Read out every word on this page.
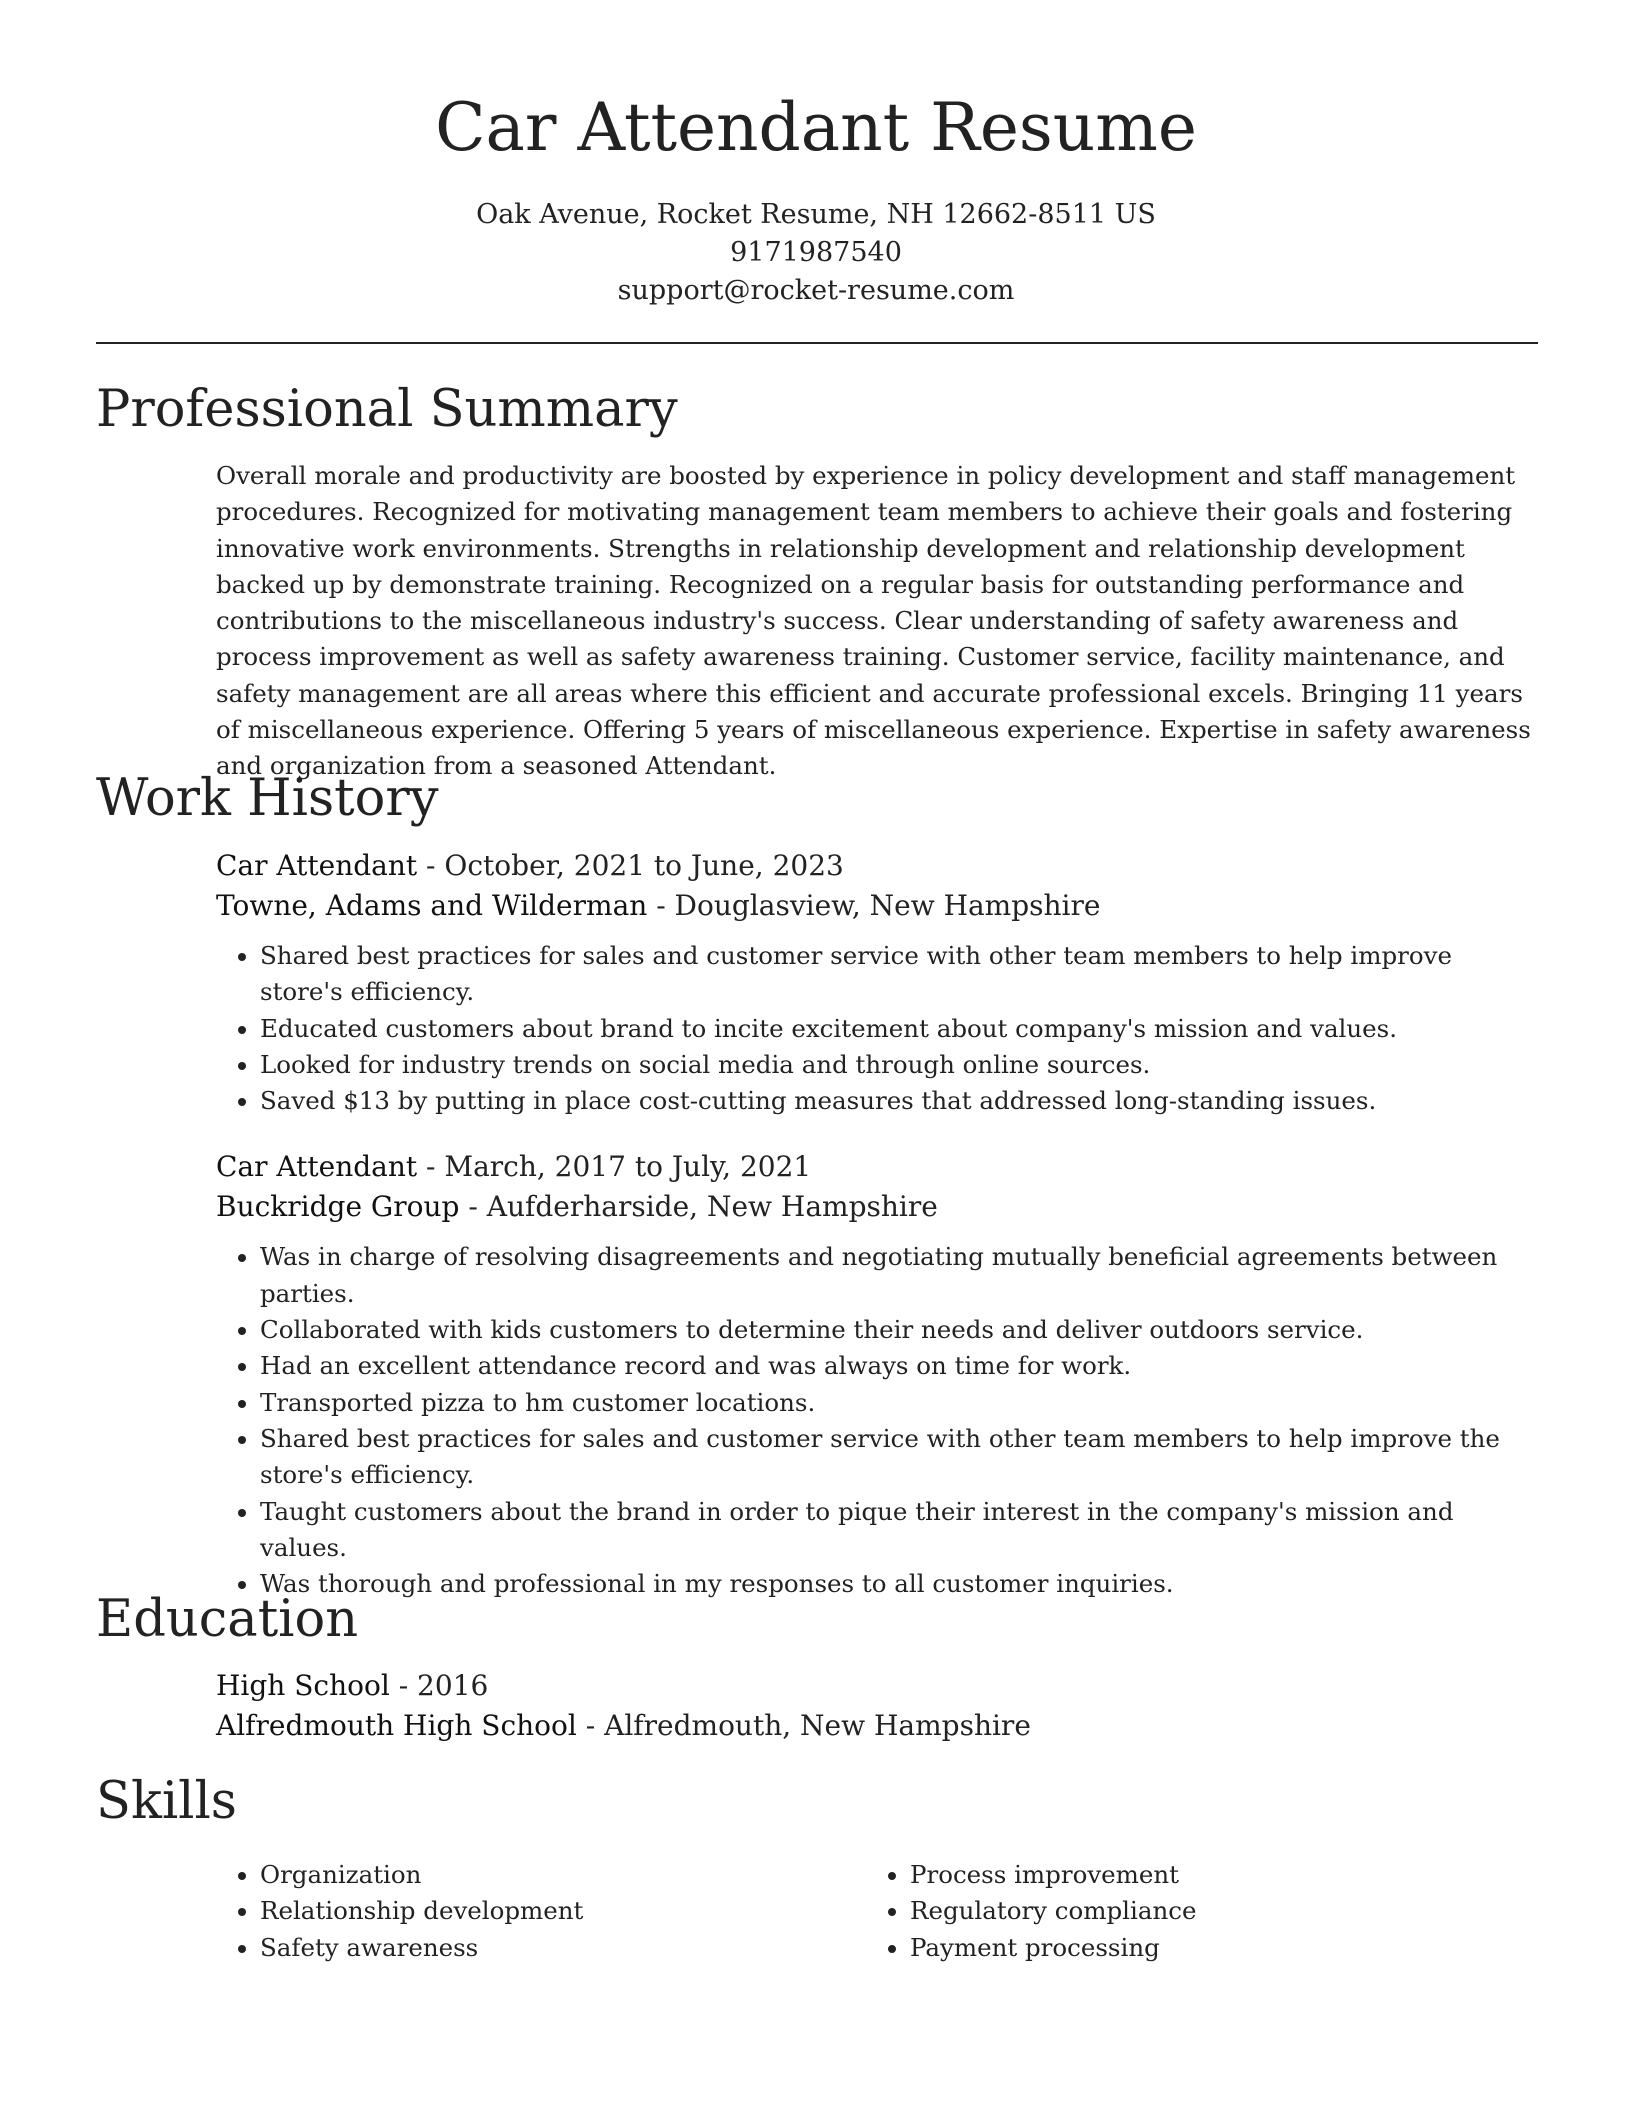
Car Attendant Resume
Oak Avenue, Rocket Resume, NH 12662-8511 US
9171987540
support@rocket-resume.com
Professional Summary

Overall morale and productivity are boosted by experience in policy development and staff management procedures. Recognized for motivating management team members to achieve their goals and fostering innovative work environments. Strengths in relationship development and relationship development backed up by demonstrate training. Recognized on a regular basis for outstanding performance and contributions to the miscellaneous industry's success. Clear understanding of safety awareness and process improvement as well as safety awareness training. Customer service, facility maintenance, and safety management are all areas where this efficient and accurate professional excels. Bringing 11 years of miscellaneous experience. Offering 5 years of miscellaneous experience. Expertise in safety awareness and organization from a seasoned Attendant.

Work History
Car Attendant - October, 2021 to June, 2023
Towne, Adams and Wilderman - Douglasview, New Hampshire
• Shared best practices for sales and customer service with other team members to help improve store's efficiency.
• Educated customers about brand to incite excitement about company's mission and values.
• Looked for industry trends on social media and through online sources.
• Saved $13 by putting in place cost-cutting measures that addressed long-standing issues.
Car Attendant - March, 2017 to July, 2021
Buckridge Group - Aufderharside, New Hampshire
• Was in charge of resolving disagreements and negotiating mutually beneficial agreements between parties.
• Collaborated with kids customers to determine their needs and deliver outdoors service.
• Had an excellent attendance record and was always on time for work.
• Transported pizza to hm customer locations.
• Shared best practices for sales and customer service with other team members to help improve the store's efficiency.
• Taught customers about the brand in order to pique their interest in the company's mission and values.
• Was thorough and professional in my responses to all customer inquiries.
Education
High School - 2016
Alfredmouth High School - Alfredmouth, New Hampshire
Skills
• Organization
• Relationship development
• Safety awareness
• Process improvement
• Regulatory compliance
• Payment processing
